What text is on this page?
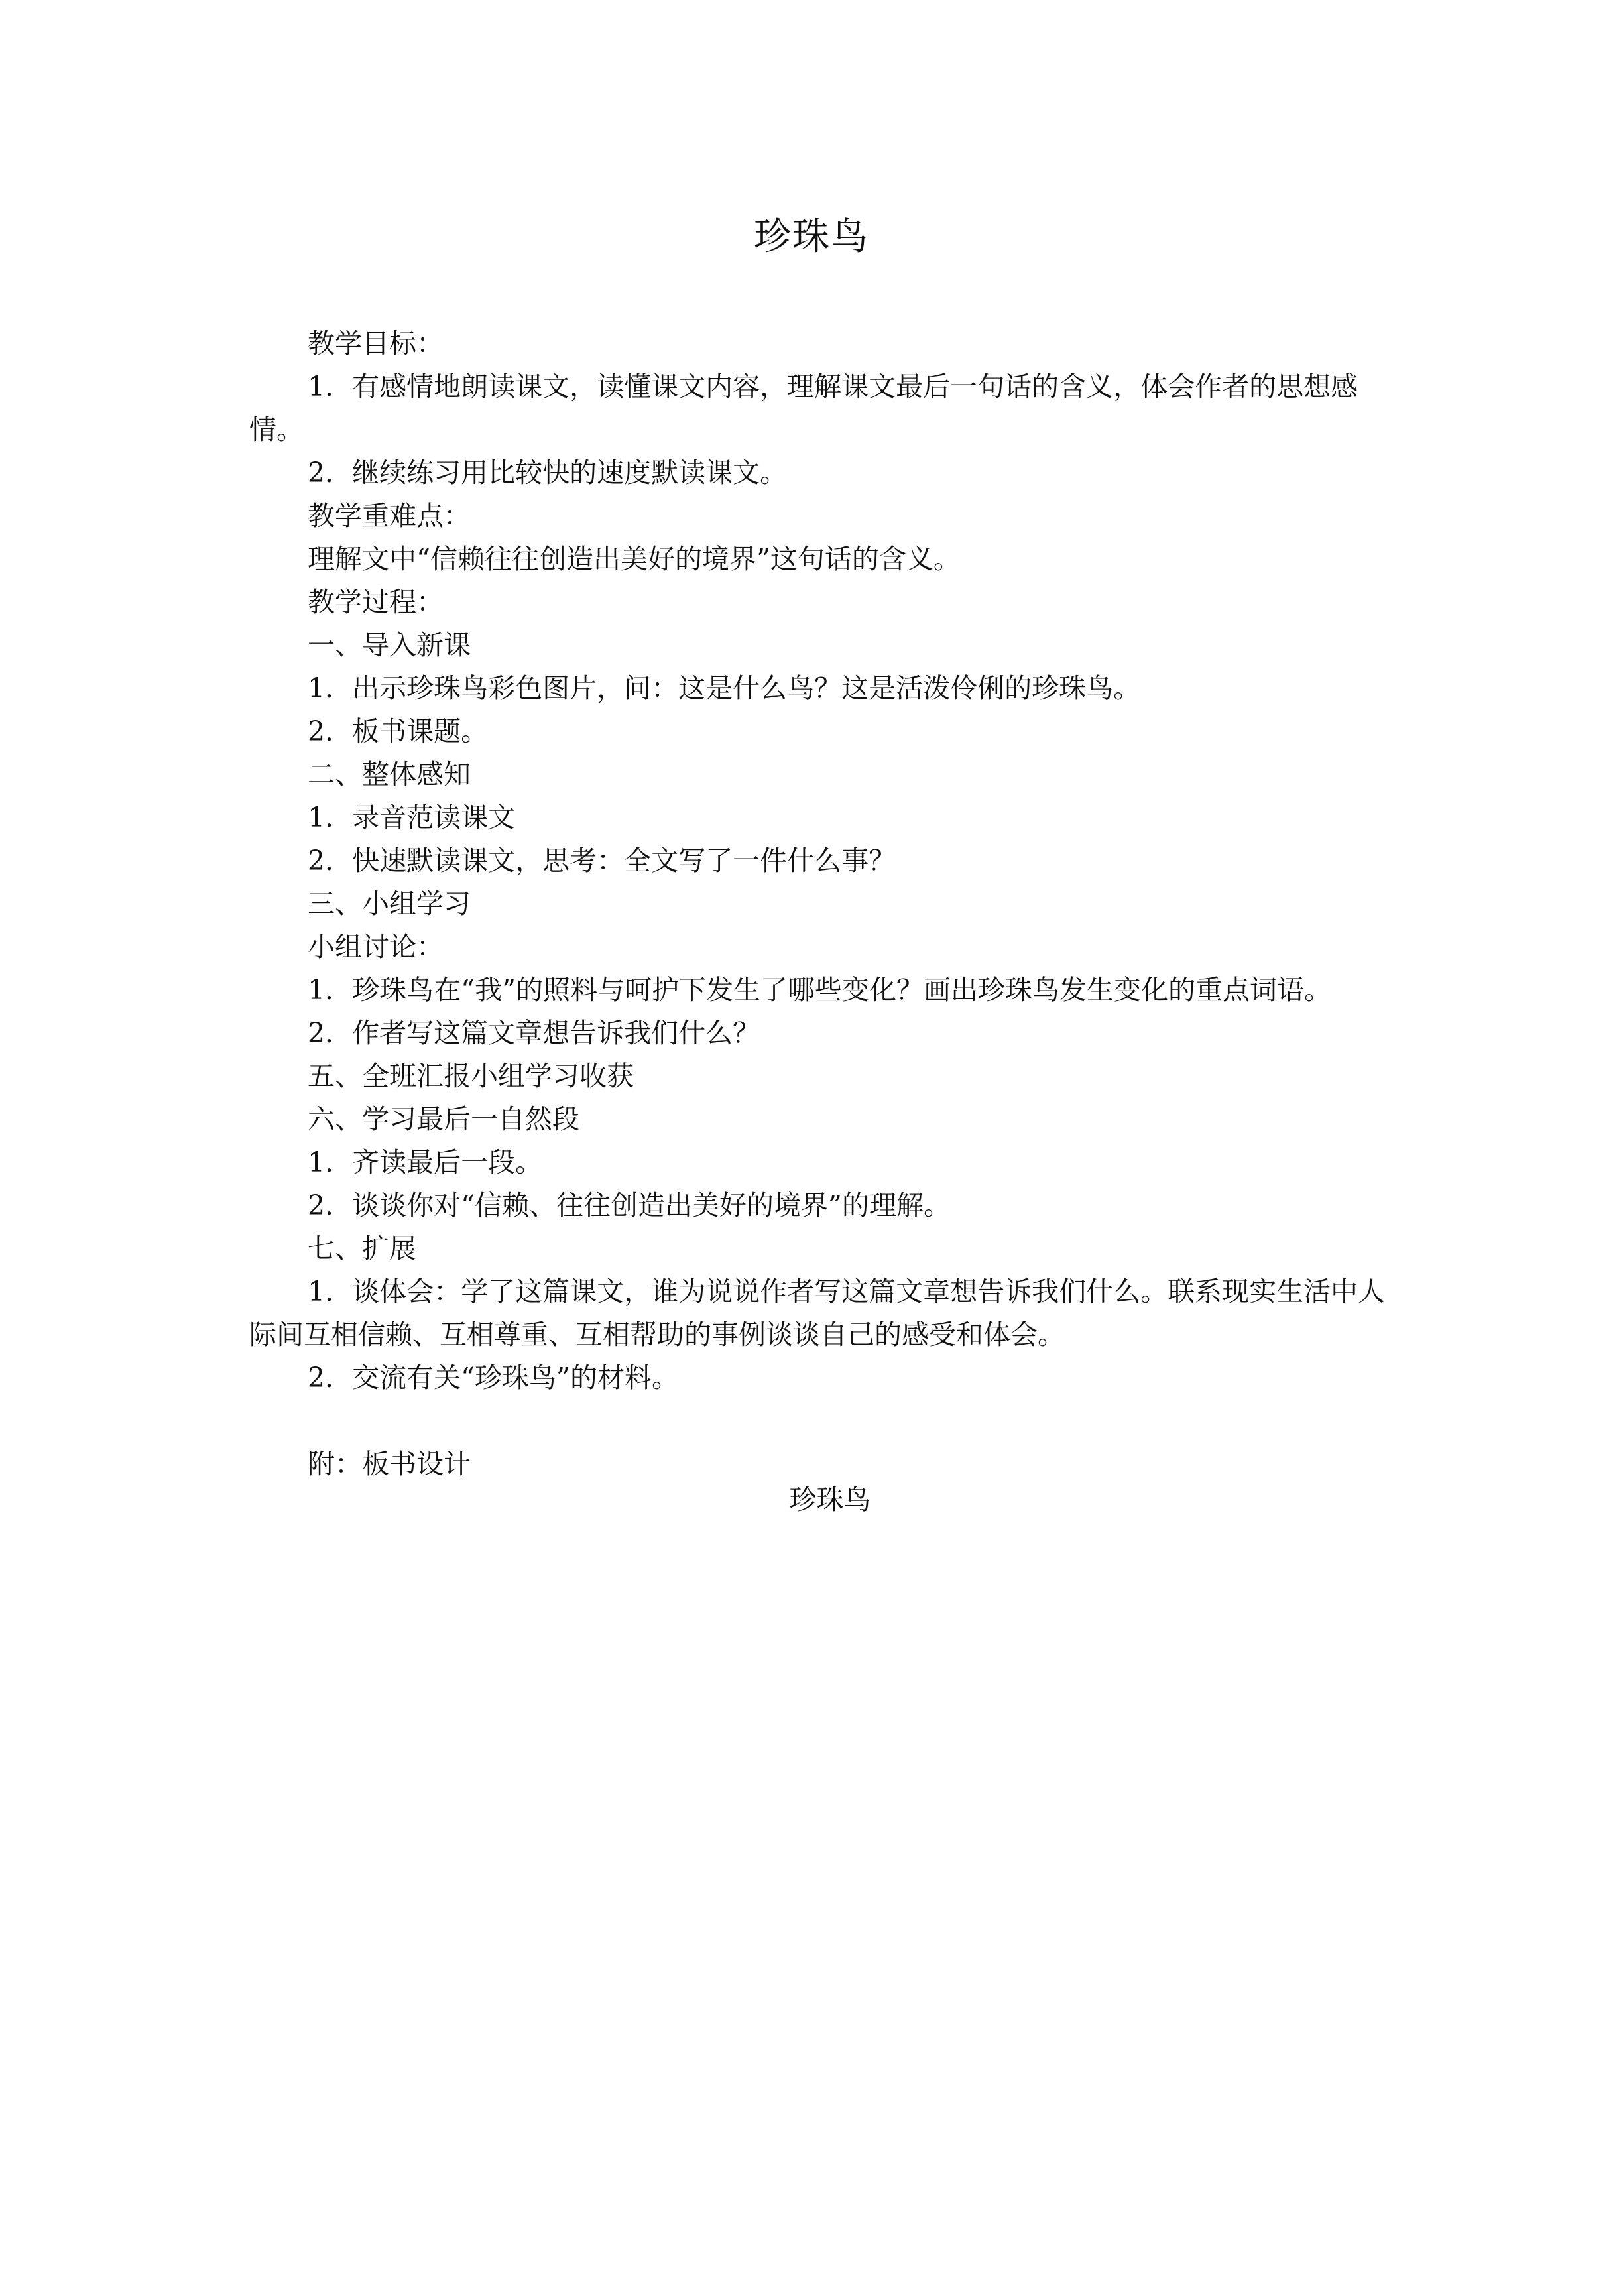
珍珠鸟

教学目标：

1．有感情地朗读课文，读懂课文内容，理解课文最后一句话的含义，体会作者的思想感情。

2．继续练习用比较快的速度默读课文。

教学重难点：

理解文中“信赖往往创造出美好的境界”这句话的含义。

教学过程：

一、导入新课

1．出示珍珠鸟彩色图片，问：这是什么鸟？这是活泼伶俐的珍珠鸟。

2．板书课题。

二、整体感知

1．录音范读课文

2．快速默读课文，思考：全文写了一件什么事？

三、小组学习

小组讨论：

1．珍珠鸟在“我”的照料与呵护下发生了哪些变化？画出珍珠鸟发生变化的重点词语。

2．作者写这篇文章想告诉我们什么？

五、全班汇报小组学习收获

六、学习最后一自然段

1．齐读最后一段。

2．谈谈你对“信赖、往往创造出美好的境界”的理解。

七、扩展

1．谈体会：学了这篇课文，谁为说说作者写这篇文章想告诉我们什么。联系现实生活中人际间互相信赖、互相尊重、互相帮助的事例谈谈自己的感受和体会。

2．交流有关“珍珠鸟”的材料。

附：板书设计

珍珠鸟
